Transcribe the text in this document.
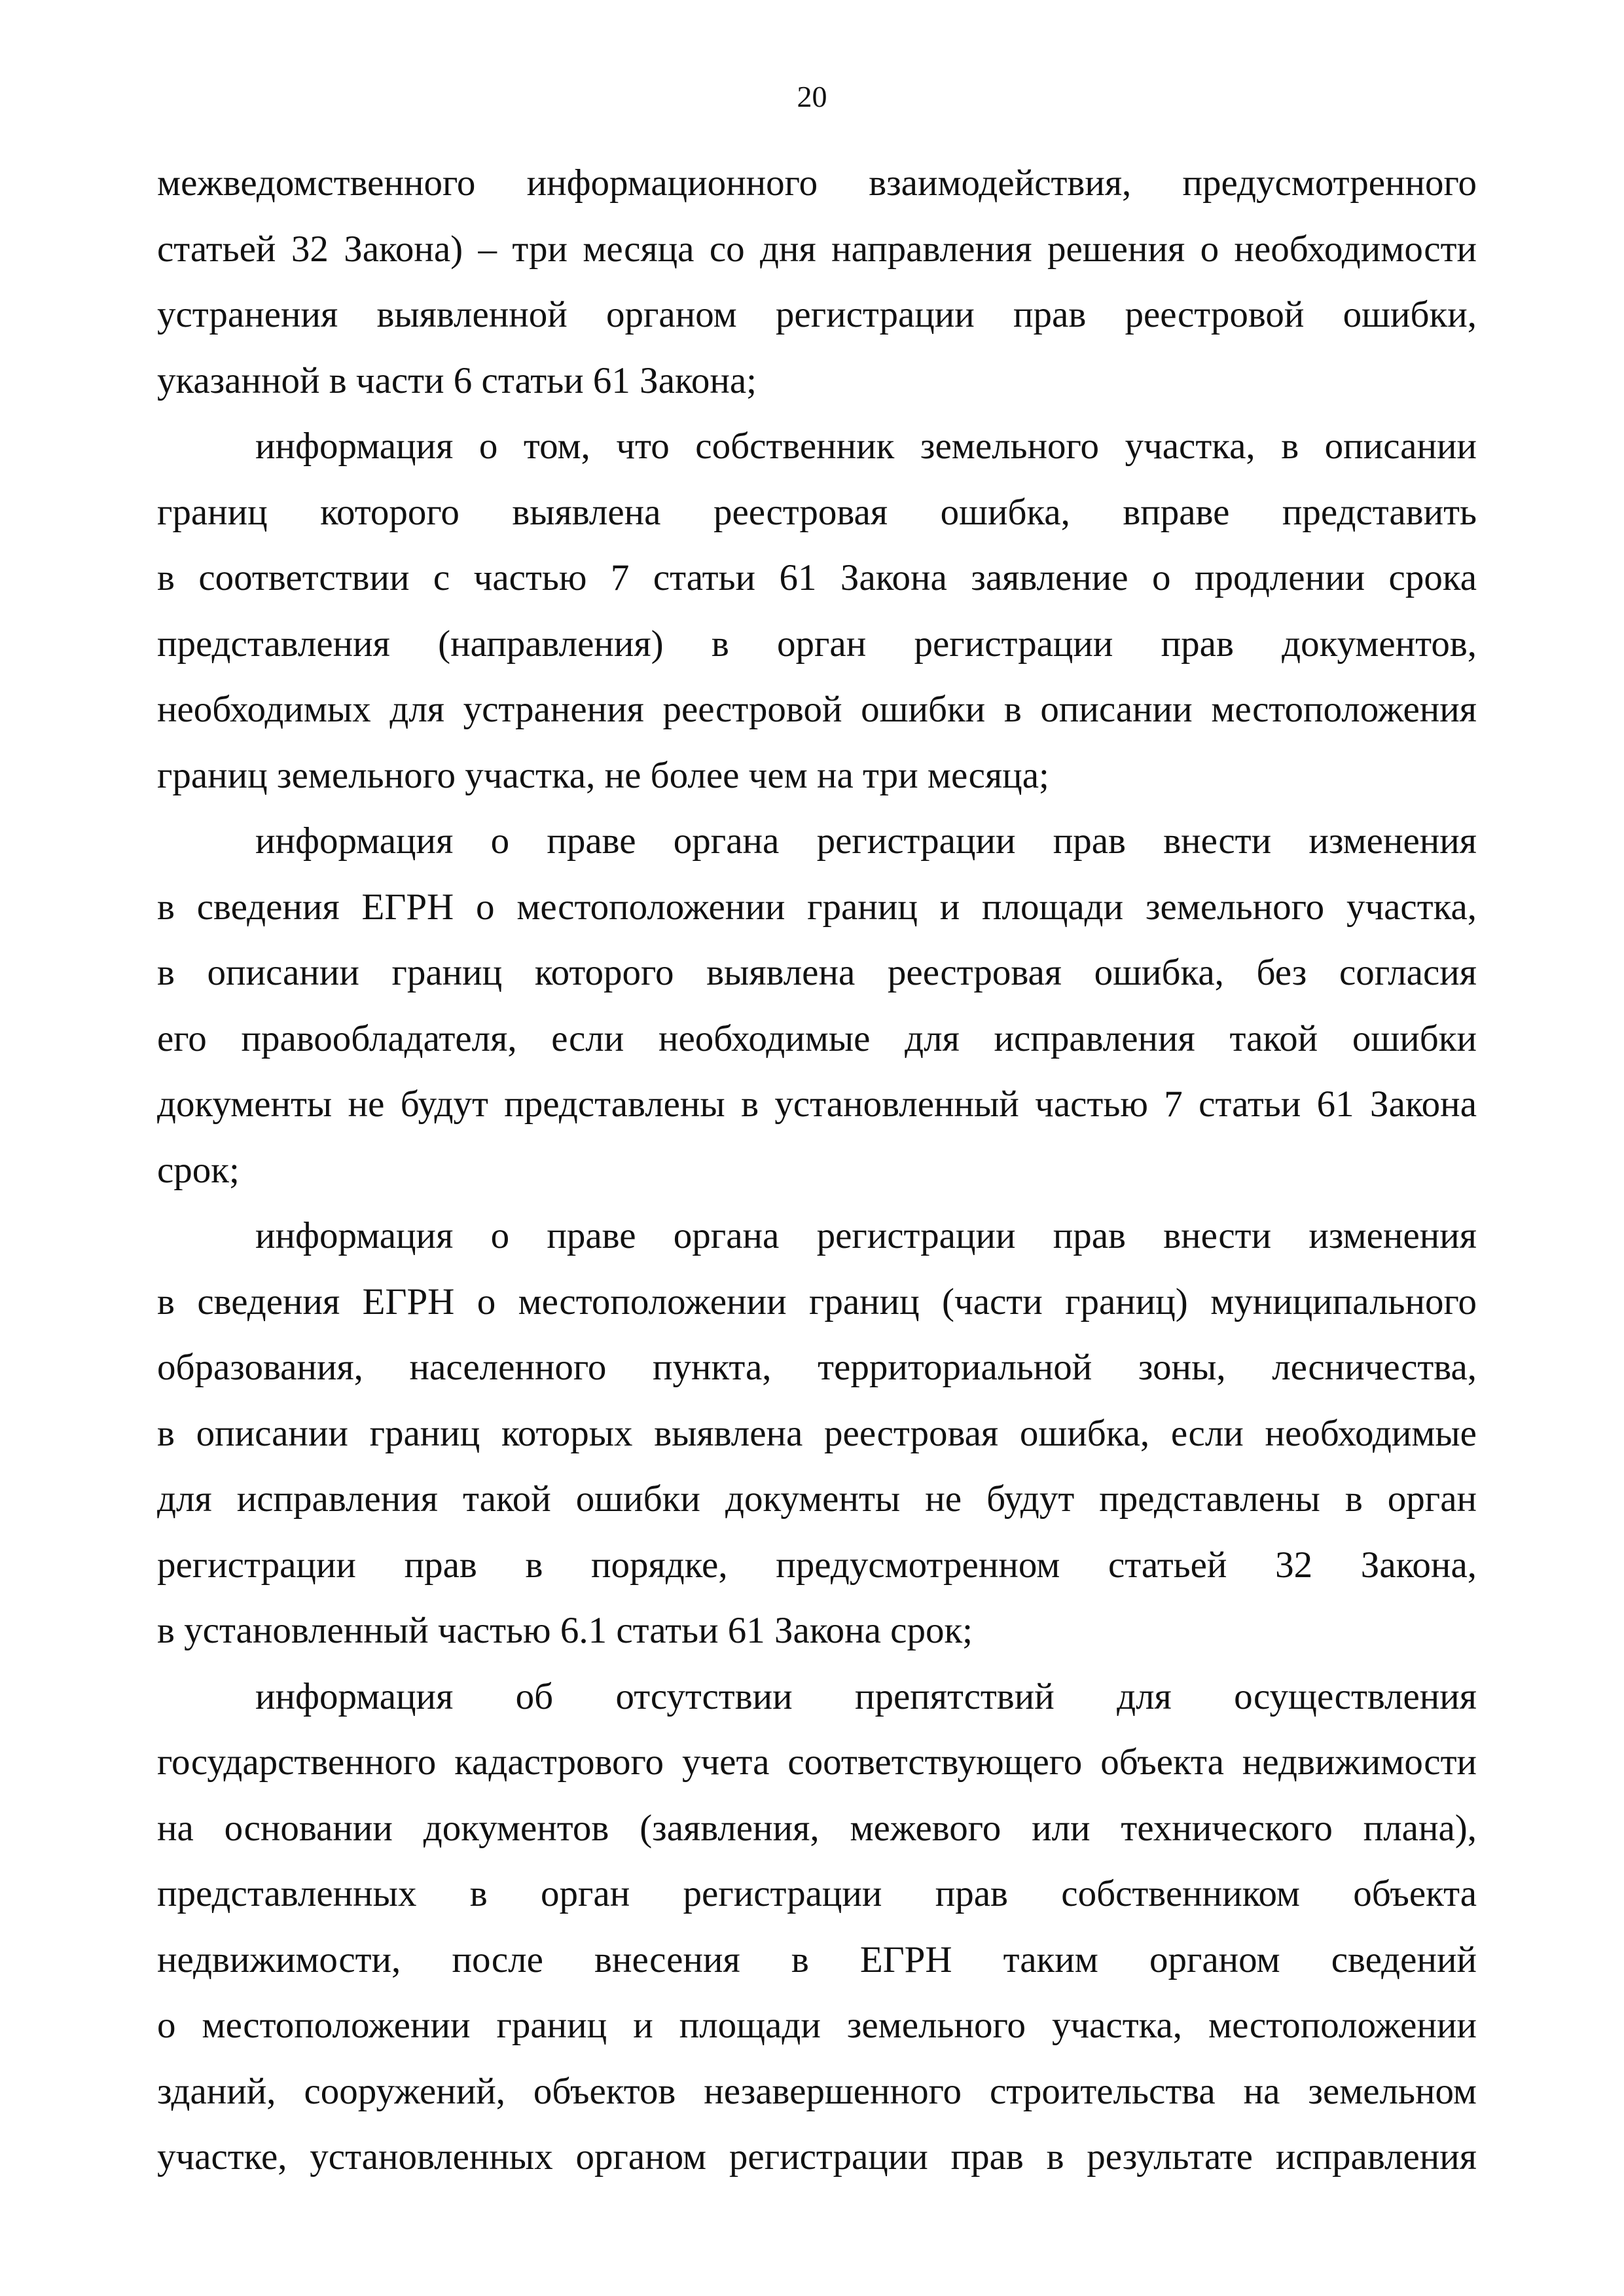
20
межведомственного информационного взаимодействия, предусмотренного
статьей 32 Закона) – три месяца со дня направления решения о необходимости
устранения выявленной органом регистрации прав реестровой ошибки,
указанной в части 6 статьи 61 Закона;
информация о том, что собственник земельного участка, в описании
границ которого выявлена реестровая ошибка, вправе представить
в соответствии с частью 7 статьи 61 Закона заявление о продлении срока
представления (направления) в орган регистрации прав документов,
необходимых для устранения реестровой ошибки в описании местоположения
границ земельного участка, не более чем на три месяца;
информация о праве органа регистрации прав внести изменения
в сведения ЕГРН о местоположении границ и площади земельного участка,
в описании границ которого выявлена реестровая ошибка, без согласия
его правообладателя, если необходимые для исправления такой ошибки
документы не будут представлены в установленный частью 7 статьи 61 Закона
срок;
информация о праве органа регистрации прав внести изменения
в сведения ЕГРН о местоположении границ (части границ) муниципального
образования, населенного пункта, территориальной зоны, лесничества,
в описании границ которых выявлена реестровая ошибка, если необходимые
для исправления такой ошибки документы не будут представлены в орган
регистрации прав в порядке, предусмотренном статьей 32 Закона,
в установленный частью 6.1 статьи 61 Закона срок;
информация об отсутствии препятствий для осуществления
государственного кадастрового учета соответствующего объекта недвижимости
на основании документов (заявления, межевого или технического плана),
представленных в орган регистрации прав собственником объекта
недвижимости, после внесения в ЕГРН таким органом сведений
о местоположении границ и площади земельного участка, местоположении
зданий, сооружений, объектов незавершенного строительства на земельном
участке, установленных органом регистрации прав в результате исправления
